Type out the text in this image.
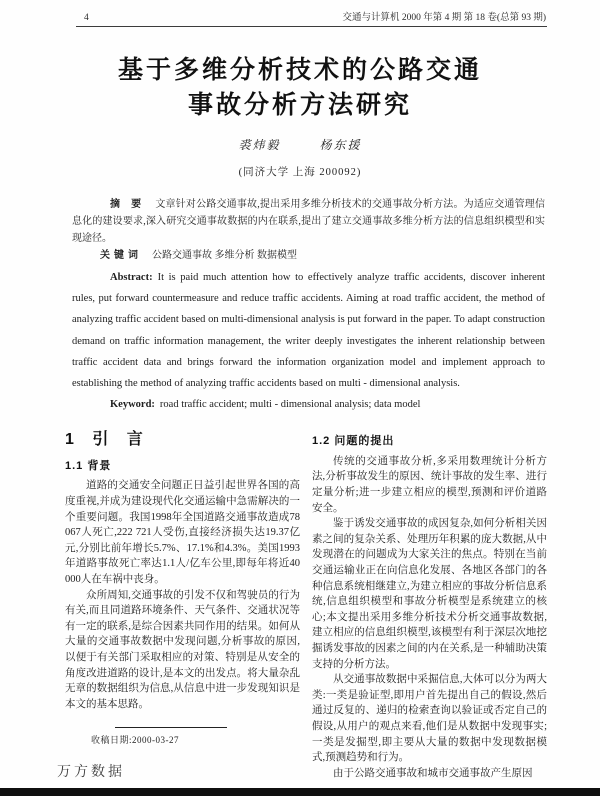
4	交通与计算机 2000 年第 4 期 第 18 卷(总第 93 期)
基于多维分析技术的公路交通
事故分析方法研究
裘炜毅	杨东援
(同济大学 上海 200092)

摘 要 文章针对公路交通事故,提出采用多维分析技术的交通事故分析方法。为适应交通管理信息化的建设要求,深入研究交通事故数据的内在联系,提出了建立交通事故多维分析方法的信息组织模型和实现途径。

关键词 公路交通事故 多维分析 数据模型

Abstract: It is paid much attention how to effectively analyze traffic accidents, discover inherent rules, put forward countermeasure and reduce traffic accidents. Aiming at road traffic accident, the method of analyzing traffic accident based on multi-dimensional analysis is put forward in the paper. To adapt construction demand on traffic information management, the writer deeply investigates the inherent relationship between traffic accident data and brings forward the information organization model and implement approach to establishing the method of analyzing traffic accidents based on multi - dimensional analysis.

Keyword: road traffic accident; multi - dimensional analysis; data model

1 引 言
1.1 背景

道路的交通安全问题正日益引起世界各国的高度重视,并成为建设现代化交通运输中急需解决的一个重要问题。我国1998年全国道路交通事故造成78 067人死亡,222 721人受伤,直接经济损失达19.37亿元,分别比前年增长5.7%、17.1%和4.3%。美国1993年道路事故死亡率达1.1人/亿车公里,即每年将近40 000人在车祸中丧身。

众所周知,交通事故的引发不仅和驾驶员的行为有关,而且同道路环境条件、天气条件、交通状况等有一定的联系,是综合因素共同作用的结果。如何从大量的交通事故数据中发现问题,分析事故的原因,以便于有关部门采取相应的对策、特别是从安全的角度改进道路的设计,是本文的出发点。将大量杂乱无章的数据组织为信息,从信息中进一步发现知识是本文的基本思路。

收稿日期:2000-03-27
1.2 问题的提出

传统的交通事故分析,多采用数理统计分析方法,分析事故发生的原因、统计事故的发生率、进行定量分析;进一步建立相应的模型,预测和评价道路安全。

鉴于诱发交通事故的成因复杂,如何分析相关因素之间的复杂关系、处理历年积累的庞大数据,从中发现潜在的问题成为大家关注的焦点。特别在当前交通运输业正在向信息化发展、各地区各部门的各种信息系统相继建立,为建立相应的事故分析信息系统,信息组织模型和事故分析模型是系统建立的核心;本文提出采用多维分析技术分析交通事故数据,建立相应的信息组织模型,该模型有利于深层次地挖掘诱发事故的因素之间的内在关系,是一种辅助决策支持的分析方法。

从交通事故数据中采掘信息,大体可以分为两大类:一类是验证型,即用户首先提出自己的假设,然后通过反复的、递归的检索查询以验证或否定自己的假设,从用户的观点来看,他们是从数据中发现事实;一类是发掘型,即主要从大量的数据中发现数据模式,预测趋势和行为。

由于公路交通事故和城市交通事故产生原因

万方数据
